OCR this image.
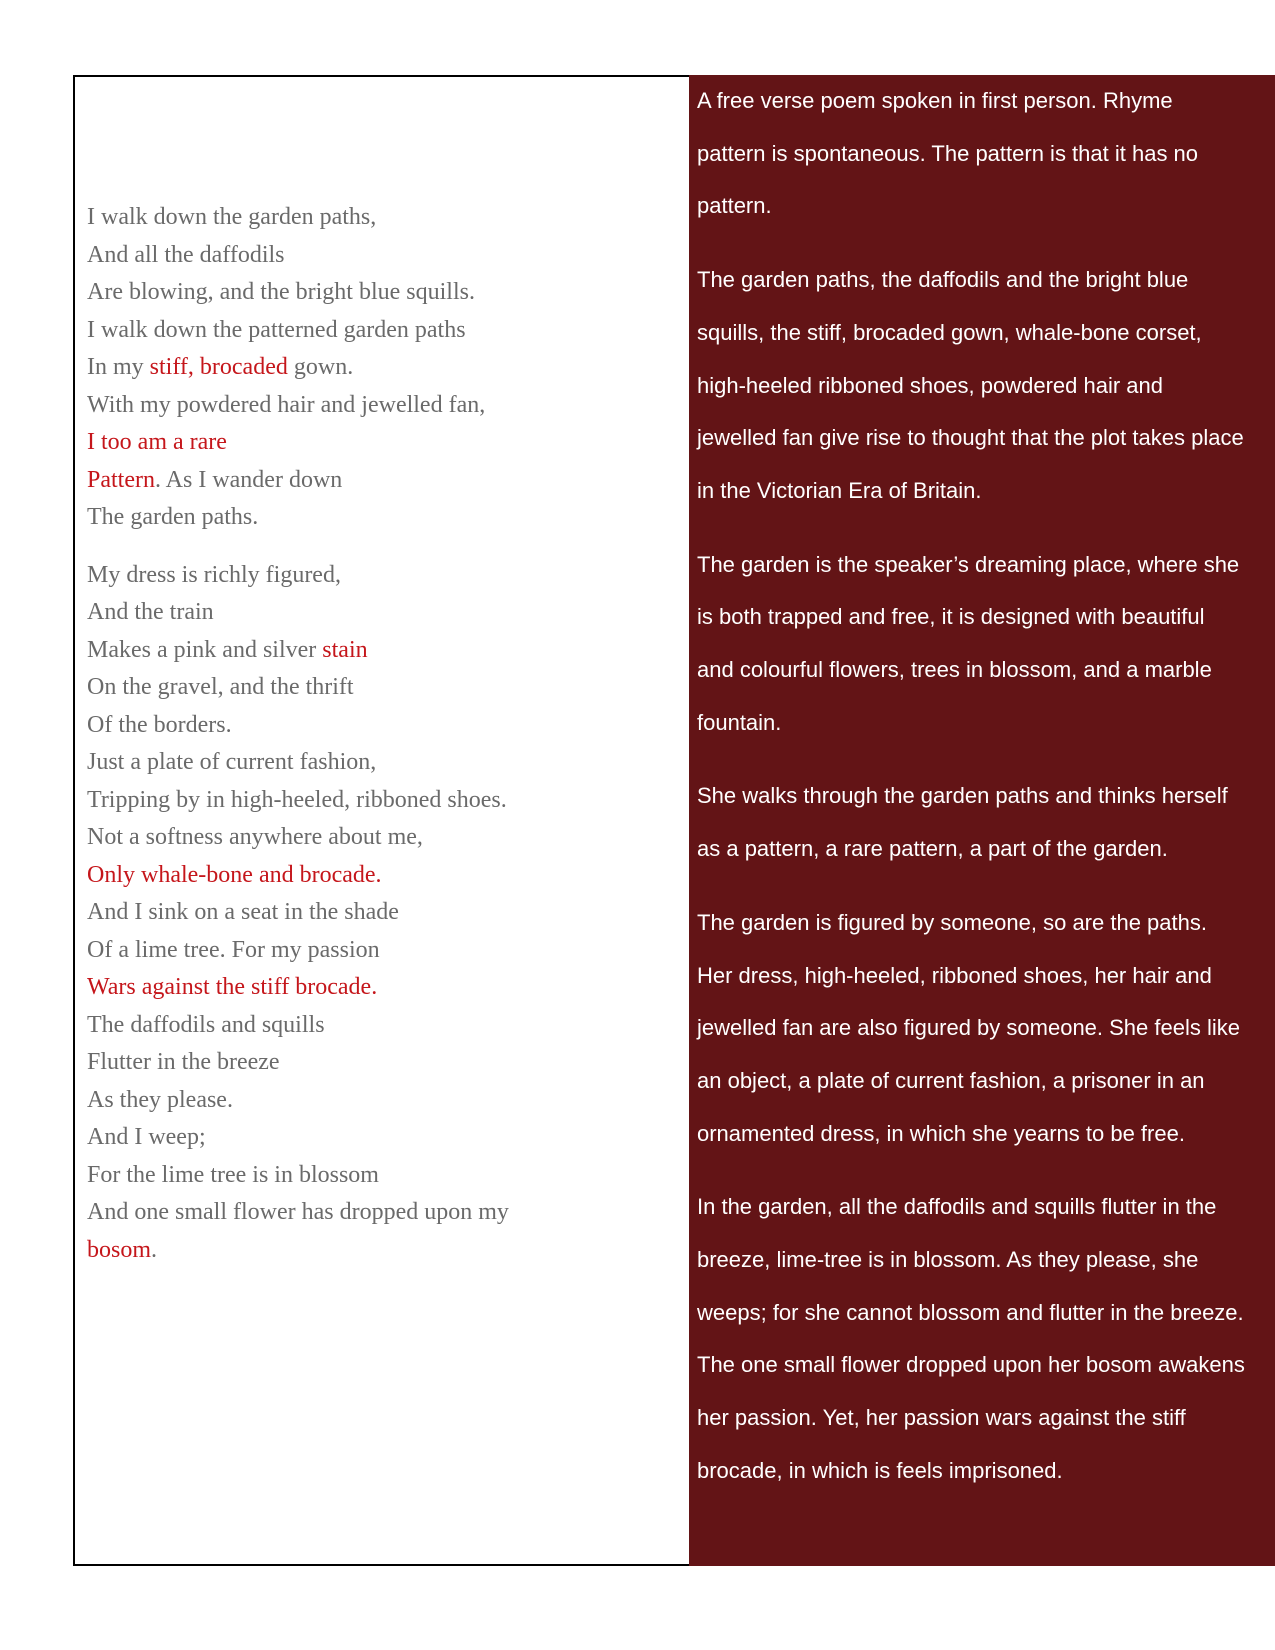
I walk down the garden paths,
And all the daffodils
Are blowing, and the bright blue squills.
I walk down the patterned garden paths
In my stiff, brocaded gown.
With my powdered hair and jewelled fan,
I too am a rare
Pattern. As I wander down
The garden paths.
My dress is richly figured,
And the train
Makes a pink and silver stain
On the gravel, and the thrift
Of the borders.
Just a plate of current fashion,
Tripping by in high-heeled, ribboned shoes.
Not a softness anywhere about me,
Only whale-bone and brocade.
And I sink on a seat in the shade
Of a lime tree. For my passion
Wars against the stiff brocade.
The daffodils and squills
Flutter in the breeze
As they please.
And I weep;
For the lime tree is in blossom
And one small flower has dropped upon my
bosom.

A free verse poem spoken in first person. Rhyme pattern is spontaneous. The pattern is that it has no pattern.

The garden paths, the daffodils and the bright blue squills, the stiff, brocaded gown, whale-bone corset, high-heeled ribboned shoes, powdered hair and jewelled fan give rise to thought that the plot takes place in the Victorian Era of Britain.

The garden is the speaker’s dreaming place, where she is both trapped and free, it is designed with beautiful and colourful flowers, trees in blossom, and a marble fountain.

She walks through the garden paths and thinks herself as a pattern, a rare pattern, a part of the garden.

The garden is figured by someone, so are the paths. Her dress, high-heeled, ribboned shoes, her hair and jewelled fan are also figured by someone. She feels like an object, a plate of current fashion, a prisoner in an ornamented dress, in which she yearns to be free.

In the garden, all the daffodils and squills flutter in the breeze, lime-tree is in blossom. As they please, she weeps; for she cannot blossom and flutter in the breeze. The one small flower dropped upon her bosom awakens her passion. Yet, her passion wars against the stiff brocade, in which is feels imprisoned.
